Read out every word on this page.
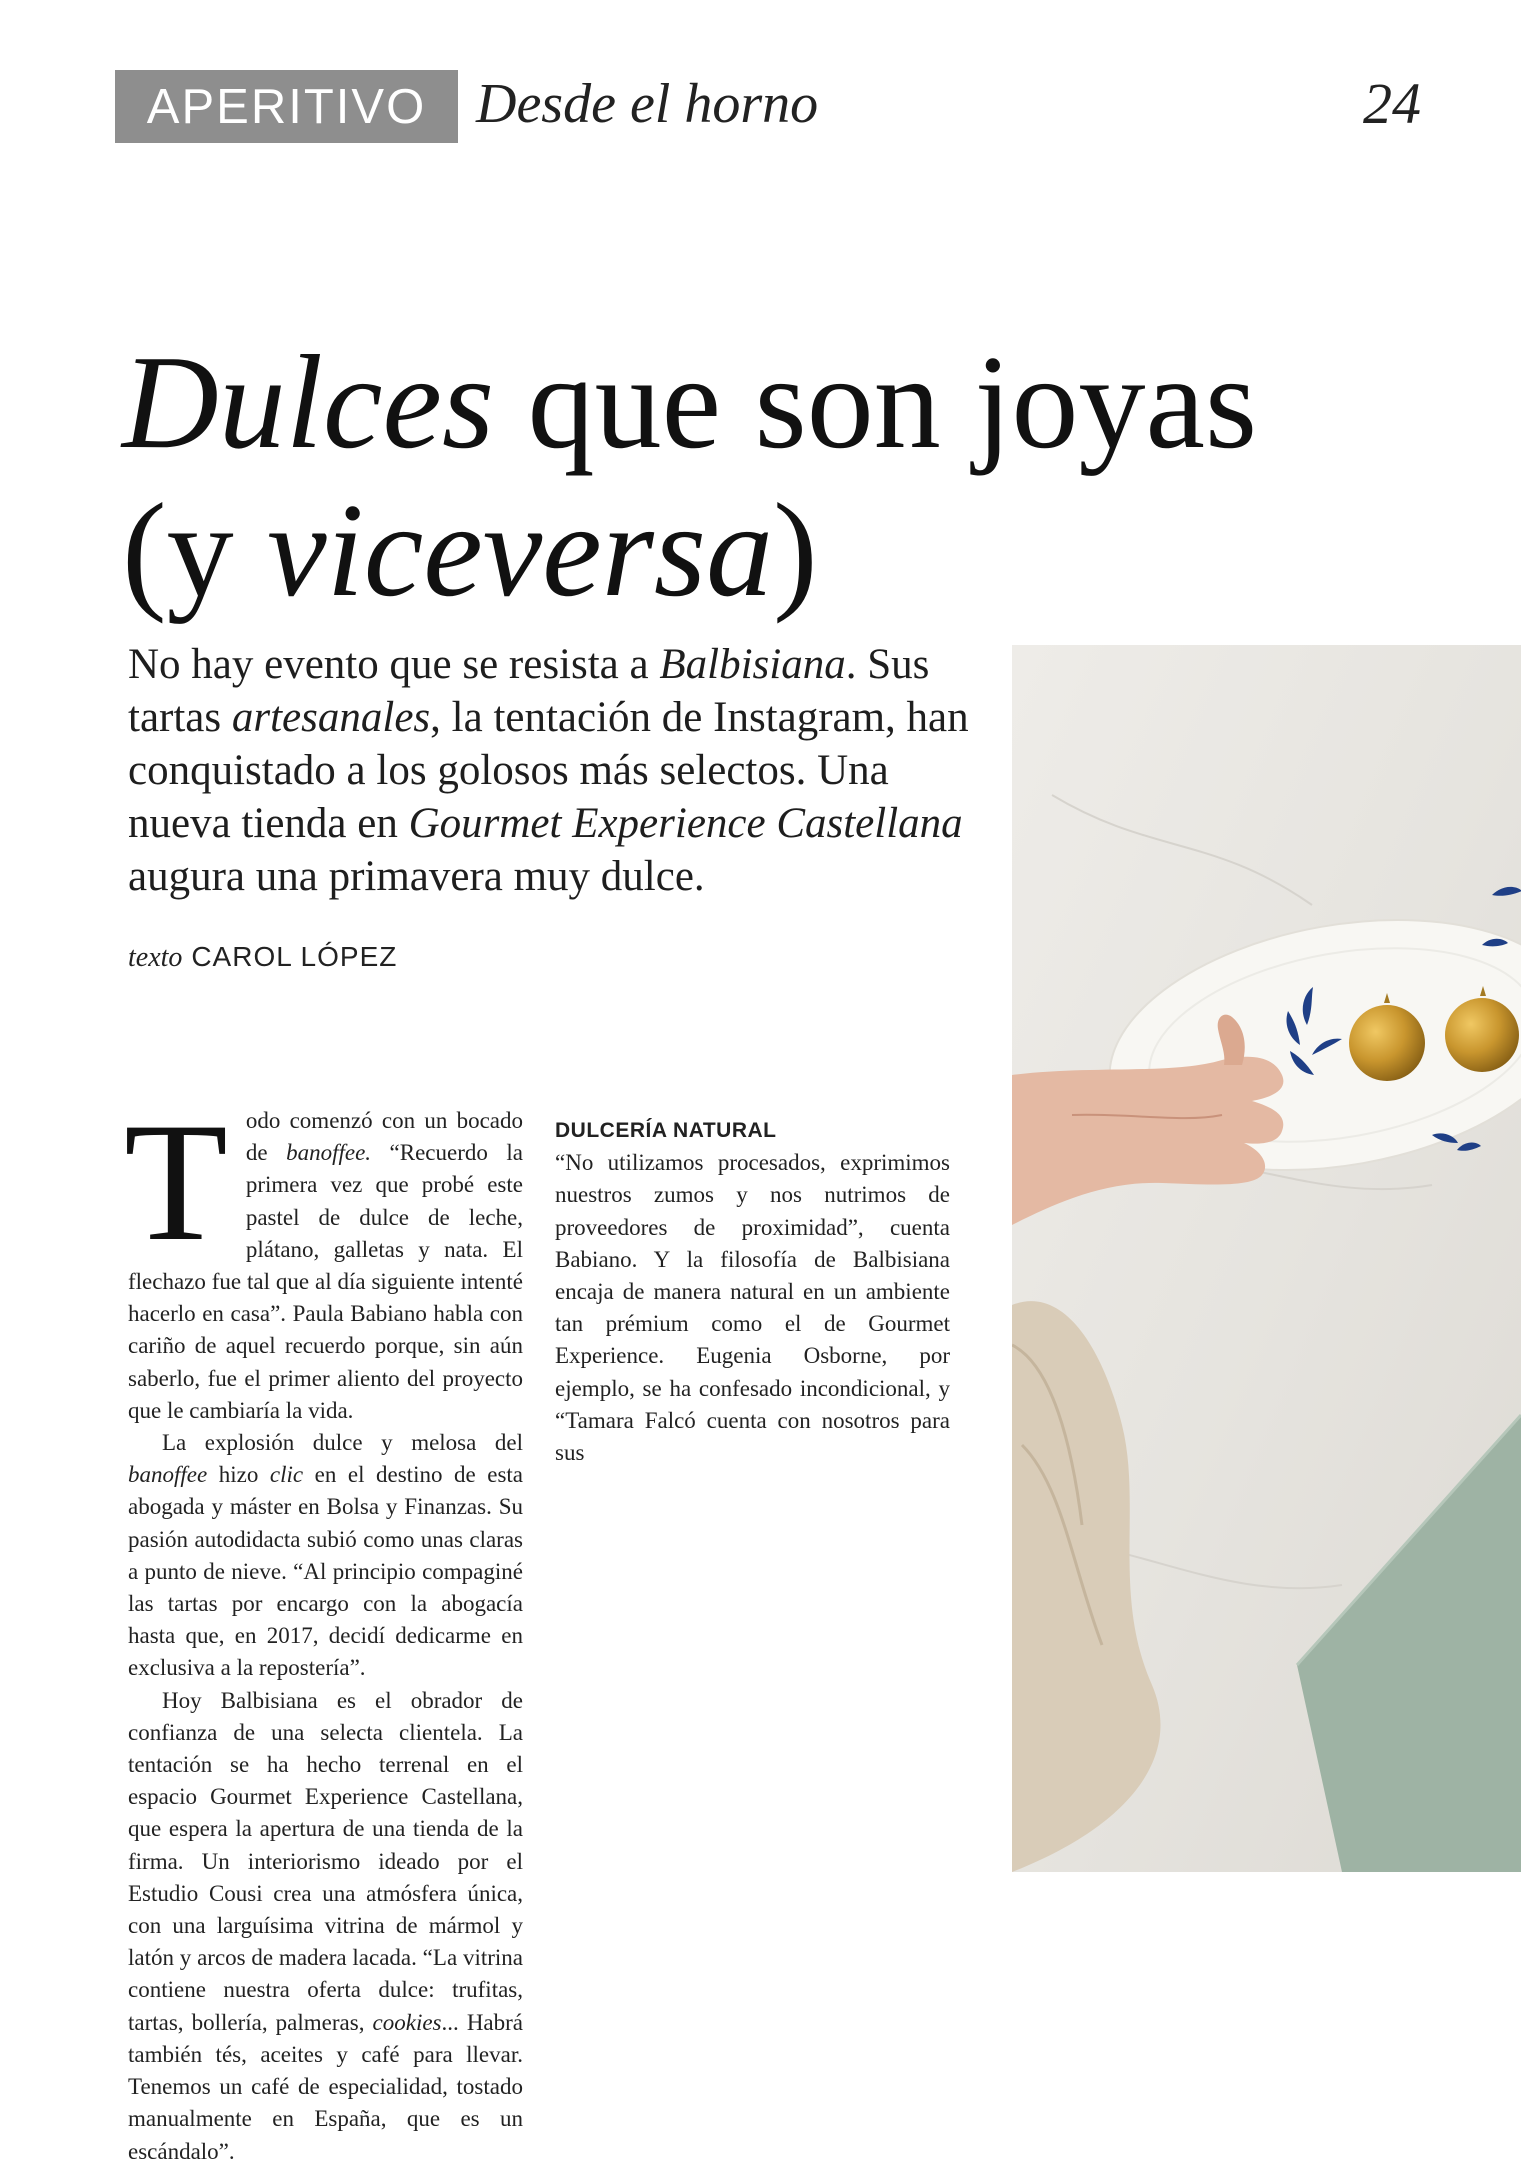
APERITIVO Desde el horno	24
Dulces que son joyas
(y viceversa)

No hay evento que se resista a Balbisiana. Sus tartas artesanales, la tentación de Instagram, han conquistado a los golosos más selectos. Una nueva tienda en Gourmet Experience Castellana augura una primavera muy dulce.

texto CAROL LÓPEZ

Todo comenzó con un bocado de banoffee. “Recuerdo la primera vez que probé este pastel de dulce de leche, plátano, galletas y nata. El flechazo fue tal que al día siguiente intenté hacerlo en casa”. Paula Babiano habla con cariño de aquel recuerdo porque, sin aún saberlo, fue el primer aliento del proyecto que le cambiaría la vida.

La explosión dulce y melosa del banoffee hizo clic en el destino de esta abogada y máster en Bolsa y Finanzas. Su pasión autodidacta subió como unas claras a punto de nieve. “Al principio compaginé las tartas por encargo con la abogacía hasta que, en 2017, decidí dedicarme en exclusiva a la repostería”.

Hoy Balbisiana es el obrador de confianza de una selecta clientela. La tentación se ha hecho terrenal en el espacio Gourmet Experience Castellana, que espera la apertura de una tienda de la firma. Un interiorismo ideado por el Estudio Cousi crea una atmósfera única, con una larguísima vitrina de mármol y latón y arcos de madera lacada. “La vitrina contiene nuestra oferta dulce: trufitas, tartas, bollería, palmeras, cookies... Habrá también tés, aceites y café para llevar. Tenemos un café de especialidad, tostado manualmente en España, que es un escándalo”.

DULCERÍA NATURAL

“No utilizamos procesados, exprimimos nuestros zumos y nos nutrimos de proveedores de proximidad”, cuenta Babiano. Y la filosofía de Balbisiana encaja de manera natural en un ambiente tan prémium como el de Gourmet Experience. Eugenia Osborne, por ejemplo, se ha confesado incondicional, y “Tamara Falcó cuenta con nosotros para sus
